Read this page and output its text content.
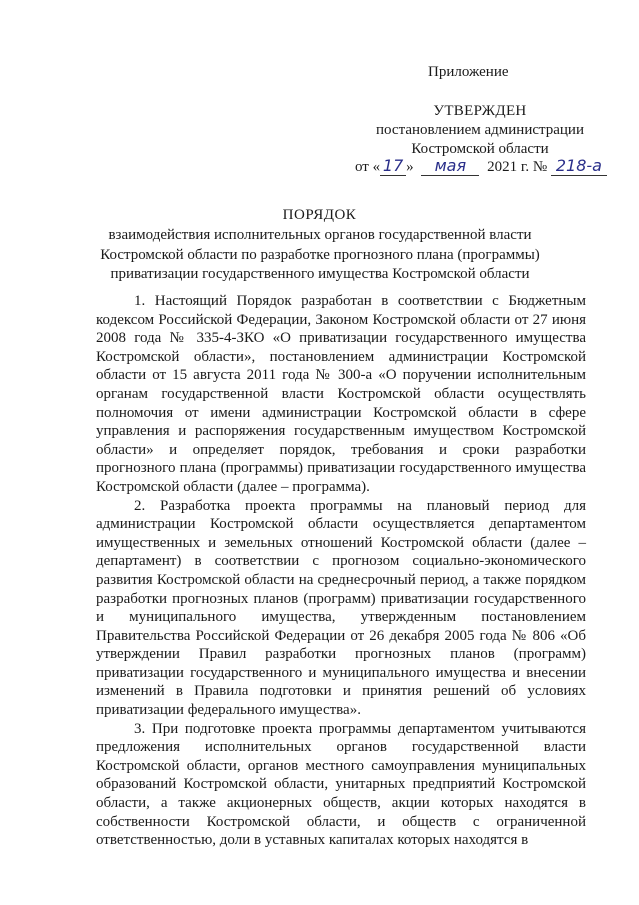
Приложение
УТВЕРЖДЕН
постановлением администрации
Костромской области
от « 17 » мая 2021 г. № 218-а
ПОРЯДОК
взаимодействия исполнительных органов государственной власти Костромской области по разработке прогнозного плана (программы) приватизации государственного имущества Костромской области

1. Настоящий Порядок разработан в соответствии с Бюджетным кодексом Российской Федерации, Законом Костромской области от 27 июня 2008 года № 335-4-ЗКО «О приватизации государственного имущества Костромской области», постановлением администрации Костромской области от 15 августа 2011 года № 300-а «О поручении исполнительным органам государственной власти Костромской области осуществлять полномочия от имени администрации Костромской области в сфере управления и распоряжения государственным имуществом Костромской области» и определяет порядок, требования и сроки разработки прогнозного плана (программы) приватизации государственного имущества Костромской области (далее – программа).

2. Разработка проекта программы на плановый период для администрации Костромской области осуществляется департаментом имущественных и земельных отношений Костромской области (далее – департамент) в соответствии с прогнозом социально-экономического развития Костромской области на среднесрочный период, а также порядком разработки прогнозных планов (программ) приватизации государственного и муниципального имущества, утвержденным постановлением Правительства Российской Федерации от 26 декабря 2005 года № 806 «Об утверждении Правил разработки прогнозных планов (программ) приватизации государственного и муниципального имущества и внесении изменений в Правила подготовки и принятия решений об условиях приватизации федерального имущества».

3. При подготовке проекта программы департаментом учитываются предложения исполнительных органов государственной власти Костромской области, органов местного самоуправления муниципальных образований Костромской области, унитарных предприятий Костромской области, а также акционерных обществ, акции которых находятся в собственности Костромской области, и обществ с ограниченной ответственностью, доли в уставных капиталах которых находятся в
